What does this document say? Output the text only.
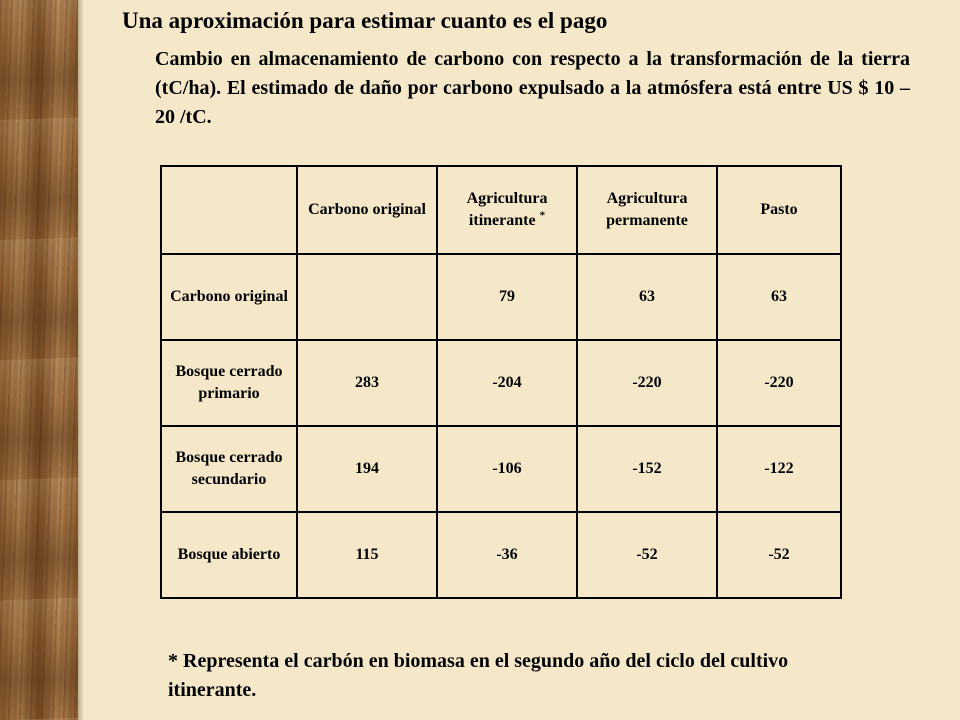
Una aproximación para estimar cuanto es el pago
Cambio en almacenamiento de carbono con respecto a la transformación de la tierra (tC/ha). El estimado de daño por carbono expulsado a la atmósfera está entre US $ 10 – 20 /tC.
	Carbono original	Agricultura itinerante *	Agricultura permanente	Pasto
Carbono original		79	63	63
Bosque cerrado primario	283	-204	-220	-220
Bosque cerrado secundario	194	-106	-152	-122
Bosque abierto	115	-36	-52	-52
* Representa el carbón en biomasa en el segundo año del ciclo del cultivo itinerante.
